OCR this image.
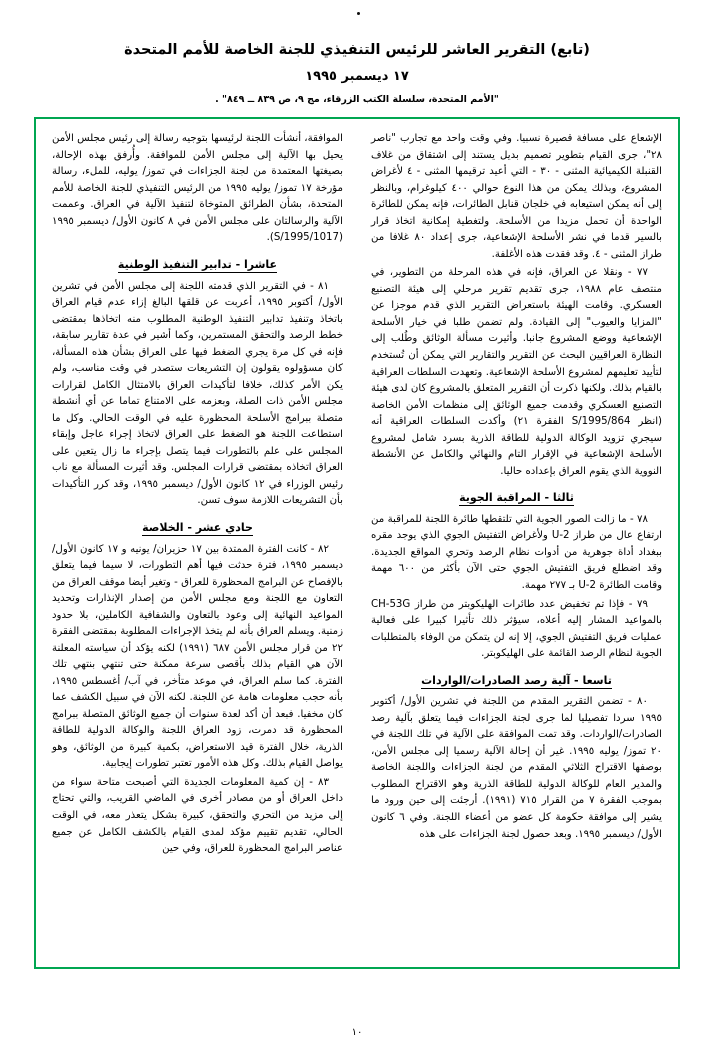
(تابع) التقرير العاشر للرئيس التنفيذي للجنة الخاصة للأمم المتحدة
١٧ ديسمبر ١٩٩٥
"الأمم المتحدة، سلسلة الكتب الزرقاء، مج ٩، ص ٨٣٩ ــ ٨٤٩" .

الإشعاع على مسافة قصيرة نسبيا. وفي وقت واحد مع تجارب "ناصر ٢٨"، جرى القيام بتطوير تصميم بديل يستند إلى اشتقاق من غلاف القنبلة الكيميائية المثنى - ٣٠ - التي أعيد ترقيمها المثنى - ٤ لأغراض المشروع، وبذلك يمكن من هذا النوع حوالي ٤٠٠ كيلوغرام، وبالنظر إلى أنه يمكن استيعابه في خلجان قنابل الطائرات، فإنه يمكن للطائرة الواحدة أن تحمل مزيدا من الأسلحة. ولتغطية إمكانية اتخاذ قرار بالسير قدما في نشر الأسلحة الإشعاعية، جرى إعداد ٨٠ غلافا من طراز المثنى - ٤. وقد فقدت هذه الأغلفة.

٧٧ - ونقلا عن العراق، فإنه في هذه المرحلة من التطوير، في منتصف عام ١٩٨٨، جرى تقديم تقرير مرحلي إلى هيئة التصنيع العسكري. وقامت الهيئة باستعراض التقرير الذي قدم موجزا عن "المزايا والعيوب" إلى القيادة. ولم تضمن طلبا في خيار الأسلحة الإشعاعية ووضع المشروع جانبا. وأثيرت مسألة الوثائق وطُلب إلى النظارة العراقيين البحث عن التقرير والتقارير التي يمكن أن تُستخدم لتأييد تعليمهم لمشروع الأسلحة الإشعاعية. وتعهدت السلطات العراقية بالقيام بذلك. ولكنها ذكرت أن التقرير المتعلق بالمشروع كان لدى هيئة التصنيع العسكري وقدمت جميع الوثائق إلى منظمات الأمن الخاصة (انظر S/1995/864 الفقرة ٢١) وأكدت السلطات العراقية أنه سيجري تزويد الوكالة الدولية للطاقة الذرية بسرد شامل لمشروع الأسلحة الإشعاعية في الإقرار التام والنهائي والكامل عن الأنشطة النووية الذي يقوم العراق بإعداده حاليا.

ثالثا - المراقبة الجوية

٧٨ - ما زالت الصور الجوية التي تلتقطها طائرة اللجنة للمراقبة من ارتفاع عال من طراز U-2 ولأغراض التفتيش الجوي الذي يوجد مقره ببغداد أداة جوهرية من أدوات نظام الرصد وتحري المواقع الجديدة. وقد اضطلع فريق التفتيش الجوي حتى الآن بأكثر من ٦٠٠ مهمة وقامت الطائرة U-2 بـ ٢٧٧ مهمة.

٧٩ - فإذا تم تخفيض عدد طائرات الهليكوبتر من طراز CH-53G بالمواعيد المشار إليه أعلاه، سيؤثر ذلك تأثيرا كبيرا على فعالية عمليات فريق التفتيش الجوي، إلا إنه لن يتمكن من الوفاء بالمتطلبات الجوية لنظام الرصد القائمة على الهليكوبتر.

تاسعا - آلية رصد الصادرات/الواردات

٨٠ - تضمن التقرير المقدم من اللجنة في تشرين الأول/ أكتوبر ١٩٩٥ سردا تفصيليا لما جرى لجنة الجزاءات فيما يتعلق بآلية رصد الصادرات/الواردات. وقد تمت الموافقة على الآلية في تلك اللجنة في ٢٠ تموز/ يوليه ١٩٩٥. غير أن إحالة الآلية رسميا إلى مجلس الأمن، بوصفها الاقتراح الثلاثي المقدم من لجنة الجزاءات واللجنة الخاصة والمدير العام للوكالة الدولية للطاقة الذرية وهو الاقتراح المطلوب بموجب الفقرة ٧ من القرار ٧١٥ (١٩٩١). أرجئت إلى حين ورود ما يشير إلى موافقة حكومة كل عضو من أعضاء اللجنة. وفي ٦ كانون الأول/ ديسمبر ١٩٩٥. وبعد حصول لجنة الجزاءات على هذه

الموافقة، أنشأت اللجنة لرئيسها بتوجيه رسالة إلى رئيس مجلس الأمن يحيل بها الآلية إلى مجلس الأمن للموافقة. وأُرفق بهذه الإحالة، بصيغتها المعتمدة من لجنة الجزاءات في تموز/ يوليه، للملء، رسالة مؤرخة ١٧ تموز/ يوليه ١٩٩٥ من الرئيس التنفيذي للجنة الخاصة للأمم المتحدة، بشأن الطرائق المتوخاة لتنفيذ الآلية في العراق. وعممت الآلية والرسالتان على مجلس الأمن في ٨ كانون الأول/ ديسمبر ١٩٩٥ (S/1995/1017).

عاشرا - تدابير التنفيذ الوطنية

٨١ - في التقرير الذي قدمته اللجنة إلى مجلس الأمن في تشرين الأول/ أكتوبر ١٩٩٥، أعربت عن قلقها البالغ إزاء عدم قيام العراق باتخاذ وتنفيذ تدابير التنفيذ الوطنية المطلوب منه اتخاذها بمقتضى خطط الرصد والتحقق المستمرين، وكما أشير في عدة تقارير سابقة، فإنه في كل مرة يجري الضغط فيها على العراق بشأن هذه المسألة، كان مسؤولوه يقولون إن التشريعات ستصدر في وقت مناسب، ولم يكن الأمر كذلك، خلافا لتأكيدات العراق بالامتثال الكامل لقرارات مجلس الأمن ذات الصلة، وبعزمه على الامتناع تماما عن أي أنشطة متصلة ببرامج الأسلحة المحظورة عليه في الوقت الحالي. وكل ما استطاعت اللجنة هو الضغط على العراق لاتخاذ إجراء عاجل وإبقاء المجلس على علم بالتطورات فيما يتصل بإجراء ما زال يتعين على العراق اتخاذه بمقتضى قرارات المجلس. وقد أثيرت المسألة مع ناب رئيس الوزراء في ١٢ كانون الأول/ ديسمبر ١٩٩٥، وقد كرر التأكيدات بأن التشريعات اللازمة سوف تسن.

حادي عشر - الخلاصة

٨٢ - كانت الفترة الممتدة بين ١٧ حزيران/ يونيه و ١٧ كانون الأول/ ديسمبر ١٩٩٥، فترة حدثت فيها أهم التطورات، لا سيما فيما يتعلق بالإفصاح عن البرامج المحظورة للعراق - وتغير أيضا موقف العراق من التعاون مع اللجنة ومع مجلس الأمن من إصدار الإنذارات وتحديد المواعيد النهائية إلى وعود بالتعاون والشفافية الكاملين، بلا حدود زمنية. ويسلم العراق بأنه لم يتخذ الإجراءات المطلوبة بمقتضى الفقرة ٢٢ من قرار مجلس الأمن ٦٨٧ (١٩٩١) لكنه يؤكد أن سياسته المعلنة الآن هي القيام بذلك بأقصى سرعة ممكنة حتى تنتهي بنتهي تلك الفترة. كما سلم العراق، في موعد متأخر، في آب/ أغسطس ١٩٩٥، بأنه حجب معلومات هامة عن اللجنة. لكنه الآن في سبيل الكشف عما كان مخفيا. فبعد أن أكد لعدة سنوات أن جميع الوثائق المتصلة ببرامج المحظورة قد دمرت، زود العراق اللجنة والوكالة الدولية للطاقة الذرية، خلال الفترة قيد الاستعراض، بكمية كبيرة من الوثائق، وهو يواصل القيام بذلك. وكل هذه الأمور تعتبر تطورات إيجابية.

٨٣ - إن كمية المعلومات الجديدة التي أصبحت متاحة سواء من داخل العراق أو من مصادر أخرى في الماضي القريب، والتي تحتاج إلى مزيد من التحري والتحقق، كبيرة بشكل يتعذر معه، في الوقت الحالي، تقديم تقييم مؤكد لمدى القيام بالكشف الكامل عن جميع عناصر البرامج المحظورة للعراق، وفي حين

١٠
